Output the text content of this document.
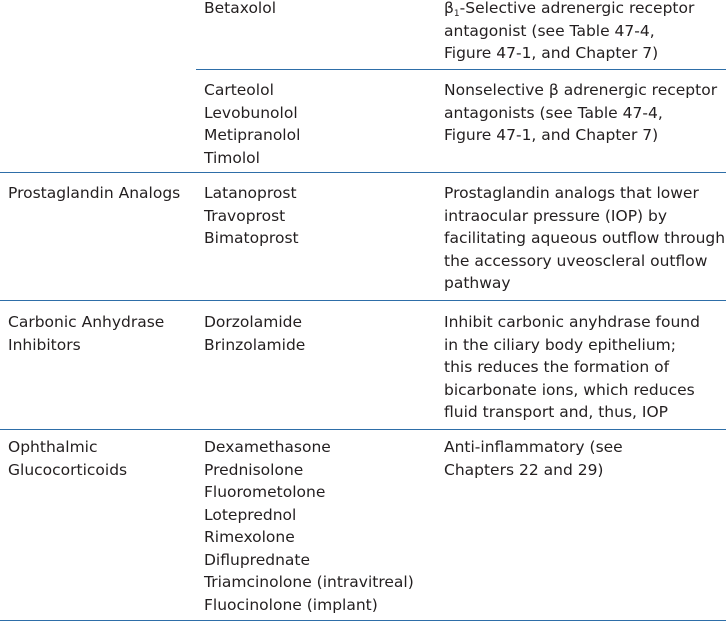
Betaxolol	$\beta_1$-Selective adrenergic receptor
antagonist (see Table 47-4,
Figure 47-1, and Chapter 7)
Carteolol
Levobunolol
Metipranolol
Timolol
Nonselective β adrenergic receptor
antagonists (see Table 47-4,
Figure 47-1, and Chapter 7)
Prostaglandin Analogs	Latanoprost
Travoprost
Bimatoprost
Prostaglandin analogs that lower
intraocular pressure (IOP) by
facilitating aqueous outflow through
the accessory uveoscleral outflow
pathway
Carbonic Anhydrase
Inhibitors
Dorzolamide
Brinzolamide
Inhibit carbonic anyhdrase found
in the ciliary body epithelium;
this reduces the formation of
bicarbonate ions, which reduces
fluid transport and, thus, IOP
Ophthalmic
Glucocorticoids
Dexamethasone
Prednisolone
Fluorometolone
Loteprednol
Rimexolone
Difluprednate
Triamcinolone (intravitreal)
Fluocinolone (implant)
Anti-inflammatory (see
Chapters 22 and 29)
